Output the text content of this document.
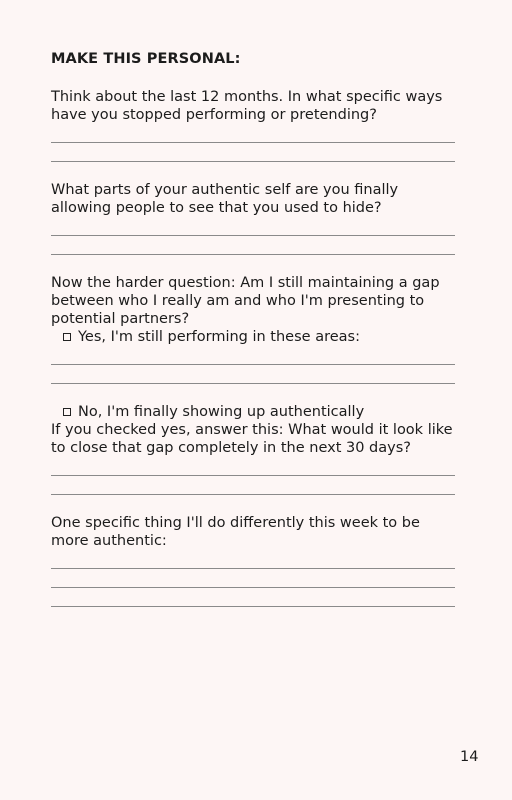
MAKE THIS PERSONAL:

Think about the last 12 months. In what specific ways have you stopped performing or pretending?

What parts of your authentic self are you finally allowing people to see that you used to hide?

Now the harder question: Am I still maintaining a gap between who I really am and who I'm presenting to potential partners?

Yes, I'm still performing in these areas:
No, I'm finally showing up authentically

If you checked yes, answer this: What would it look like to close that gap completely in the next 30 days?

One specific thing I'll do differently this week to be more authentic:

14
